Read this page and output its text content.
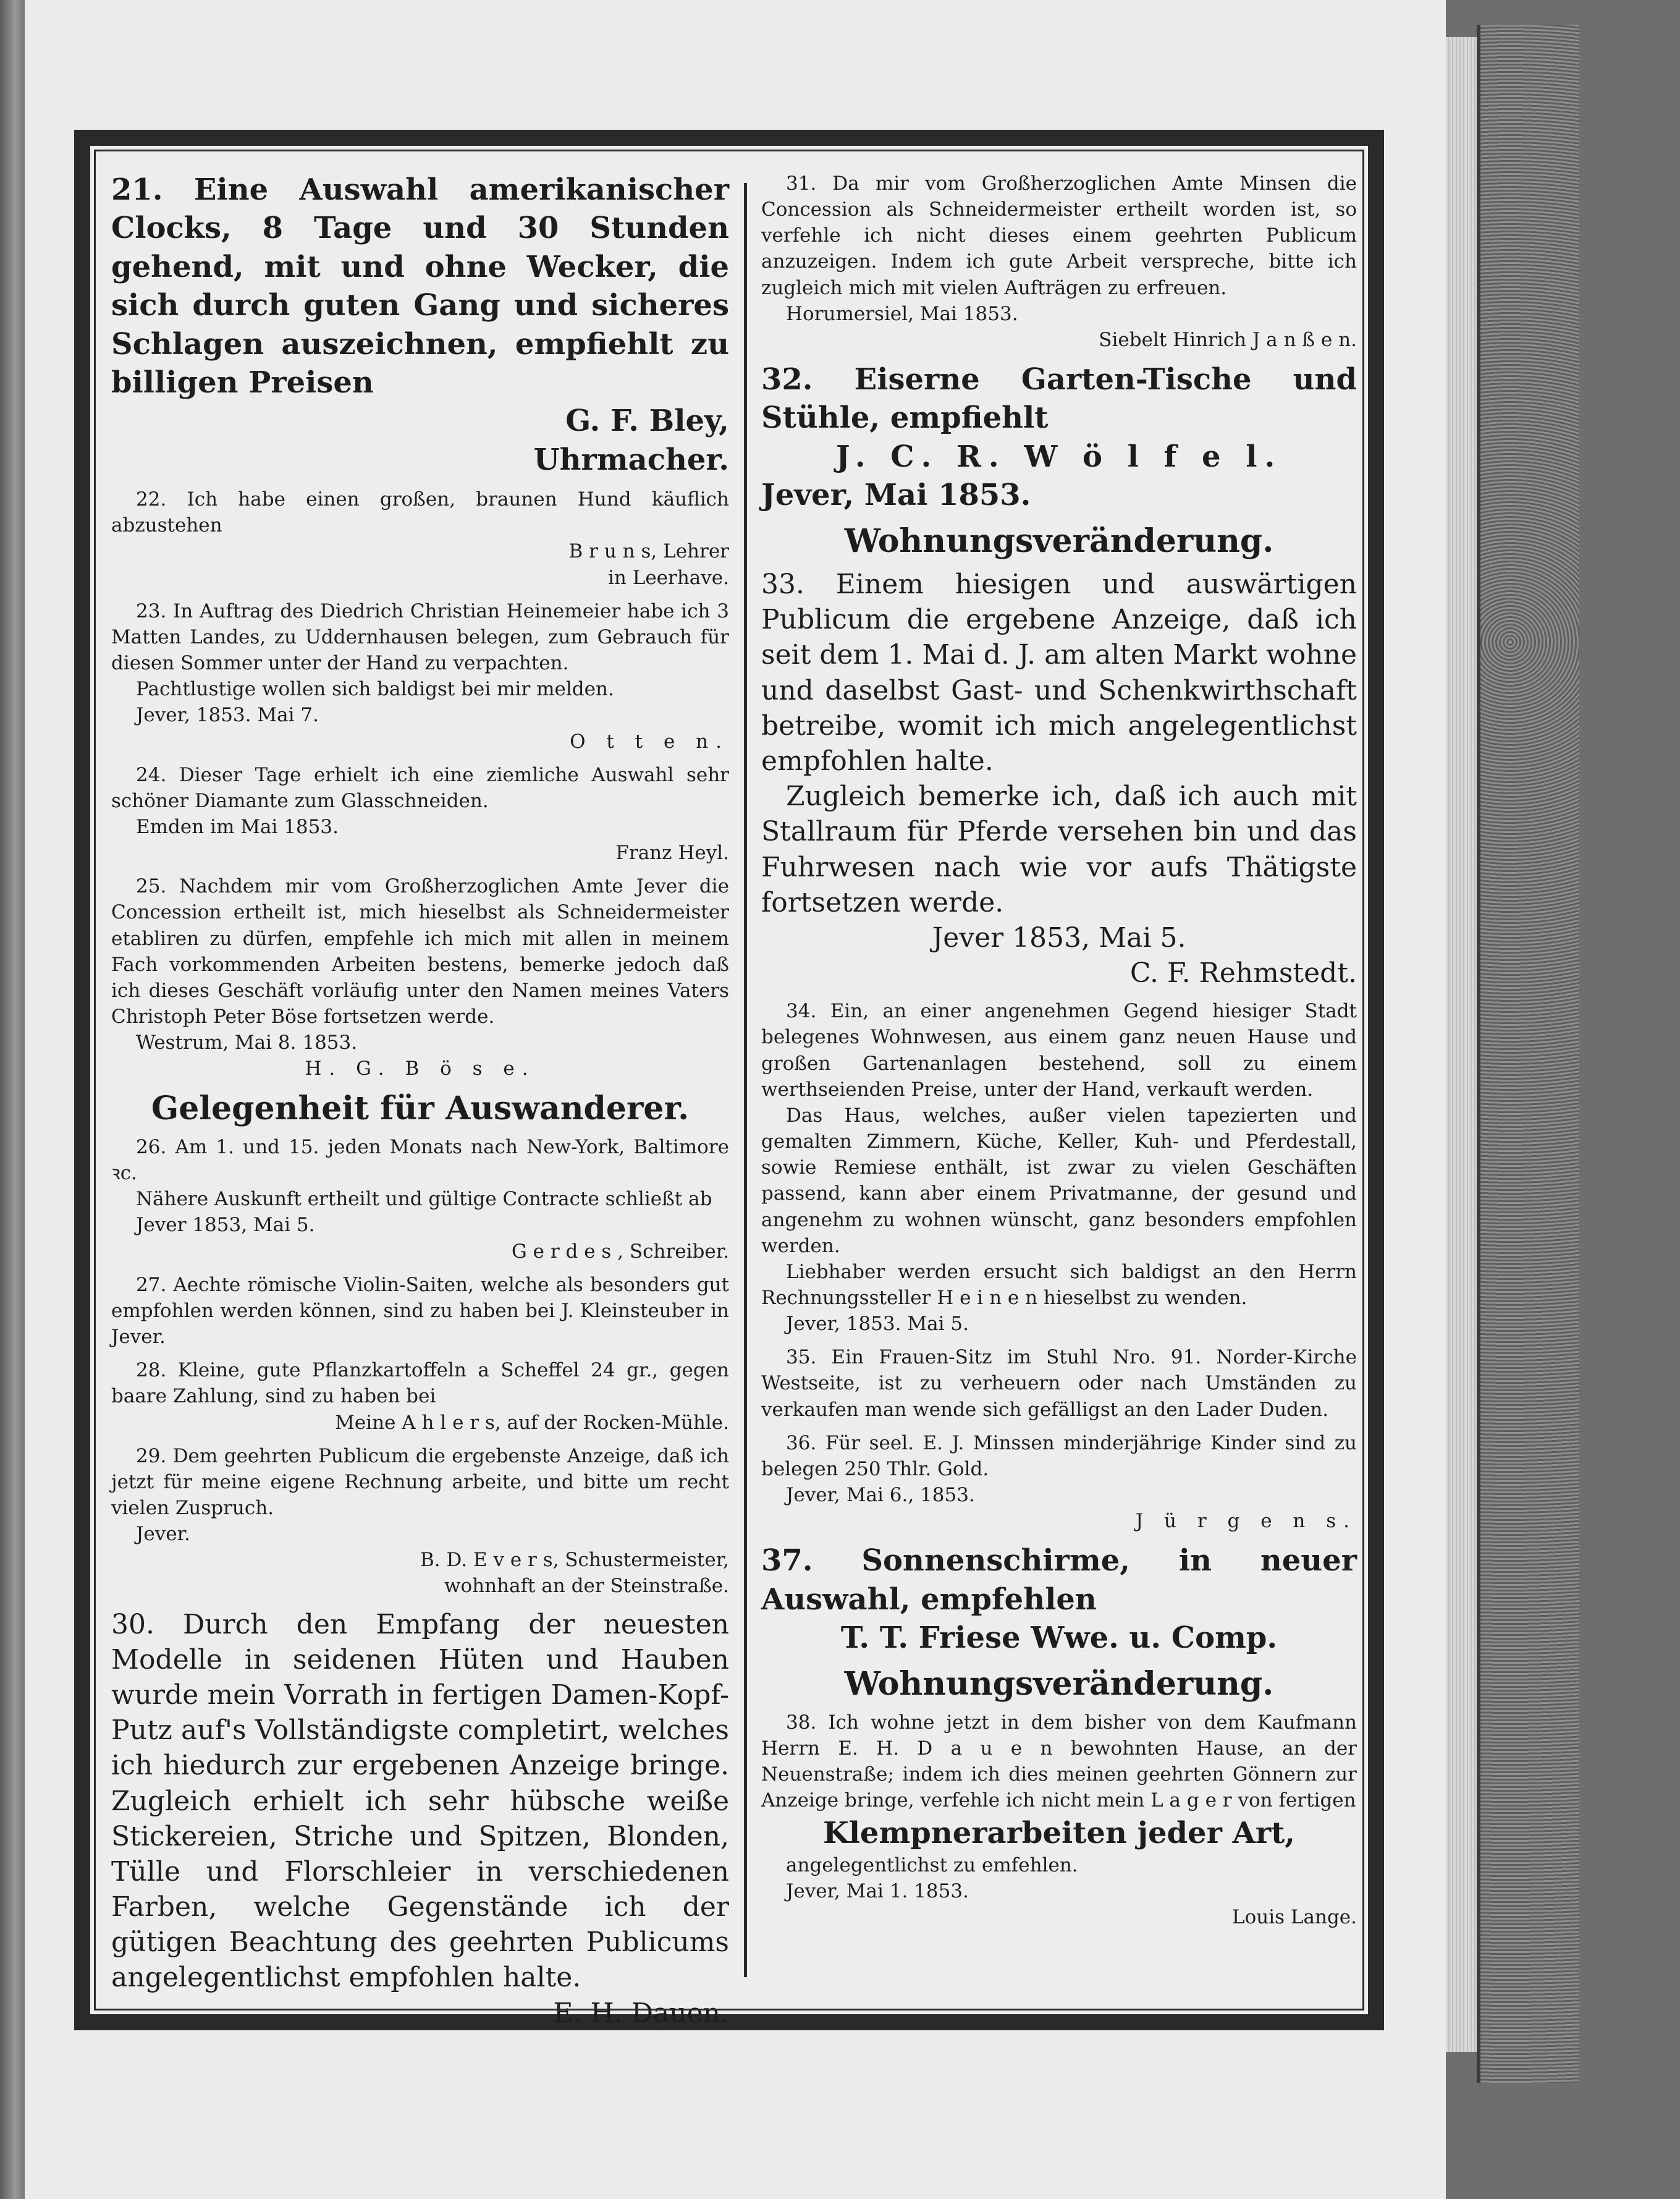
21. Eine Auswahl amerikanischer Clocks, 8 Tage und 30 Stunden gehend, mit und ohne Wecker, die sich durch guten Gang und sicheres Schlagen auszeichnen, empfiehlt zu billigen Preisen

G. F. Bley,

Uhrmacher.

22. Ich habe einen großen, braunen Hund käuflich abzustehen

B r u n s, Lehrer

in Leerhave.

23. In Auftrag des Diedrich Christian Heinemeier habe ich 3 Matten Landes, zu Uddernhausen belegen, zum Gebrauch für diesen Sommer unter der Hand zu verpachten.

Pachtlustige wollen sich baldigst bei mir melden.

Jever, 1853. Mai 7.

O t t e n.

24. Dieser Tage erhielt ich eine ziemliche Auswahl sehr schöner Diamante zum Glasschneiden.

Emden im Mai 1853.

Franz Heyl.

25. Nachdem mir vom Großherzoglichen Amte Jever die Concession ertheilt ist, mich hieselbst als Schneidermeister etabliren zu dürfen, empfehle ich mich mit allen in meinem Fach vorkommenden Arbeiten bestens, bemerke jedoch daß ich dieses Geschäft vorläufig unter den Namen meines Vaters Christoph Peter Böse fortsetzen werde.

Westrum, Mai 8. 1853.

H. G. B ö s e.

Gelegenheit für Auswanderer.

26. Am 1. und 15. jeden Monats nach New-York, Baltimore ꝛc.

Nähere Auskunft ertheilt und gültige Contracte schließt ab

Jever 1853, Mai 5.

G e r d e s , Schreiber.

27. Aechte römische Violin-Saiten, welche als besonders gut empfohlen werden können, sind zu haben bei J. Kleinsteuber in Jever.

28. Kleine, gute Pflanzkartoffeln a Scheffel 24 gr., gegen baare Zahlung, sind zu haben bei

Meine A h l e r s, auf der Rocken-Mühle.

29. Dem geehrten Publicum die ergebenste Anzeige, daß ich jetzt für meine eigene Rechnung arbeite, und bitte um recht vielen Zuspruch.

Jever.

B. D. E v e r s, Schustermeister,

wohnhaft an der Steinstraße.

30. Durch den Empfang der neuesten Modelle in seidenen Hüten und Hauben wurde mein Vorrath in fertigen Damen-Kopf-Putz auf's Vollständigste completirt, welches ich hiedurch zur ergebenen Anzeige bringe. Zugleich erhielt ich sehr hübsche weiße Stickereien, Striche und Spitzen, Blonden, Tülle und Florschleier in verschiedenen Farben, welche Gegenstände ich der gütigen Beachtung des geehrten Publicums angelegentlichst empfohlen halte.

E. H. Dauen.

31. Da mir vom Großherzoglichen Amte Minsen die Concession als Schneidermeister ertheilt worden ist, so verfehle ich nicht dieses einem geehrten Publicum anzuzeigen. Indem ich gute Arbeit verspreche, bitte ich zugleich mich mit vielen Aufträgen zu erfreuen.

Horumersiel, Mai 1853.

Siebelt Hinrich J a n ß e n.

32. Eiserne Garten-Tische und Stühle, empfiehlt

J. C. R. W ö l f e l.

Jever, Mai 1853.

Wohnungsveränderung.

33. Einem hiesigen und auswärtigen Publicum die ergebene Anzeige, daß ich seit dem 1. Mai d. J. am alten Markt wohne und daselbst Gast- und Schenkwirthschaft betreibe, womit ich mich angelegentlichst empfohlen halte.

Zugleich bemerke ich, daß ich auch mit Stallraum für Pferde versehen bin und das Fuhrwesen nach wie vor aufs Thätigste fortsetzen werde.

Jever 1853, Mai 5.

C. F. Rehmstedt.

34. Ein, an einer angenehmen Gegend hiesiger Stadt belegenes Wohnwesen, aus einem ganz neuen Hause und großen Gartenanlagen bestehend, soll zu einem werthseienden Preise, unter der Hand, verkauft werden.

Das Haus, welches, außer vielen tapezierten und gemalten Zimmern, Küche, Keller, Kuh- und Pferdestall, sowie Remiese enthält, ist zwar zu vielen Geschäften passend, kann aber einem Privatmanne, der gesund und angenehm zu wohnen wünscht, ganz besonders empfohlen werden.

Liebhaber werden ersucht sich baldigst an den Herrn Rechnungssteller H e i n e n hieselbst zu wenden.

Jever, 1853. Mai 5.

35. Ein Frauen-Sitz im Stuhl Nro. 91. Norder-Kirche Westseite, ist zu verheuern oder nach Umständen zu verkaufen man wende sich gefälligst an den Lader Duden.

36. Für seel. E. J. Minssen minderjährige Kinder sind zu belegen 250 Thlr. Gold.

Jever, Mai 6., 1853.

J ü r g e n s.

37. Sonnenschirme, in neuer Auswahl, empfehlen

T. T. Friese Wwe. u. Comp.

Wohnungsveränderung.

38. Ich wohne jetzt in dem bisher von dem Kaufmann Herrn E. H. D a u e n bewohnten Hause, an der Neuenstraße; indem ich dies meinen geehrten Gönnern zur Anzeige bringe, verfehle ich nicht mein L a g e r von fertigen

Klempnerarbeiten jeder Art,

angelegentlichst zu emfehlen.

Jever, Mai 1. 1853.

Louis Lange.
